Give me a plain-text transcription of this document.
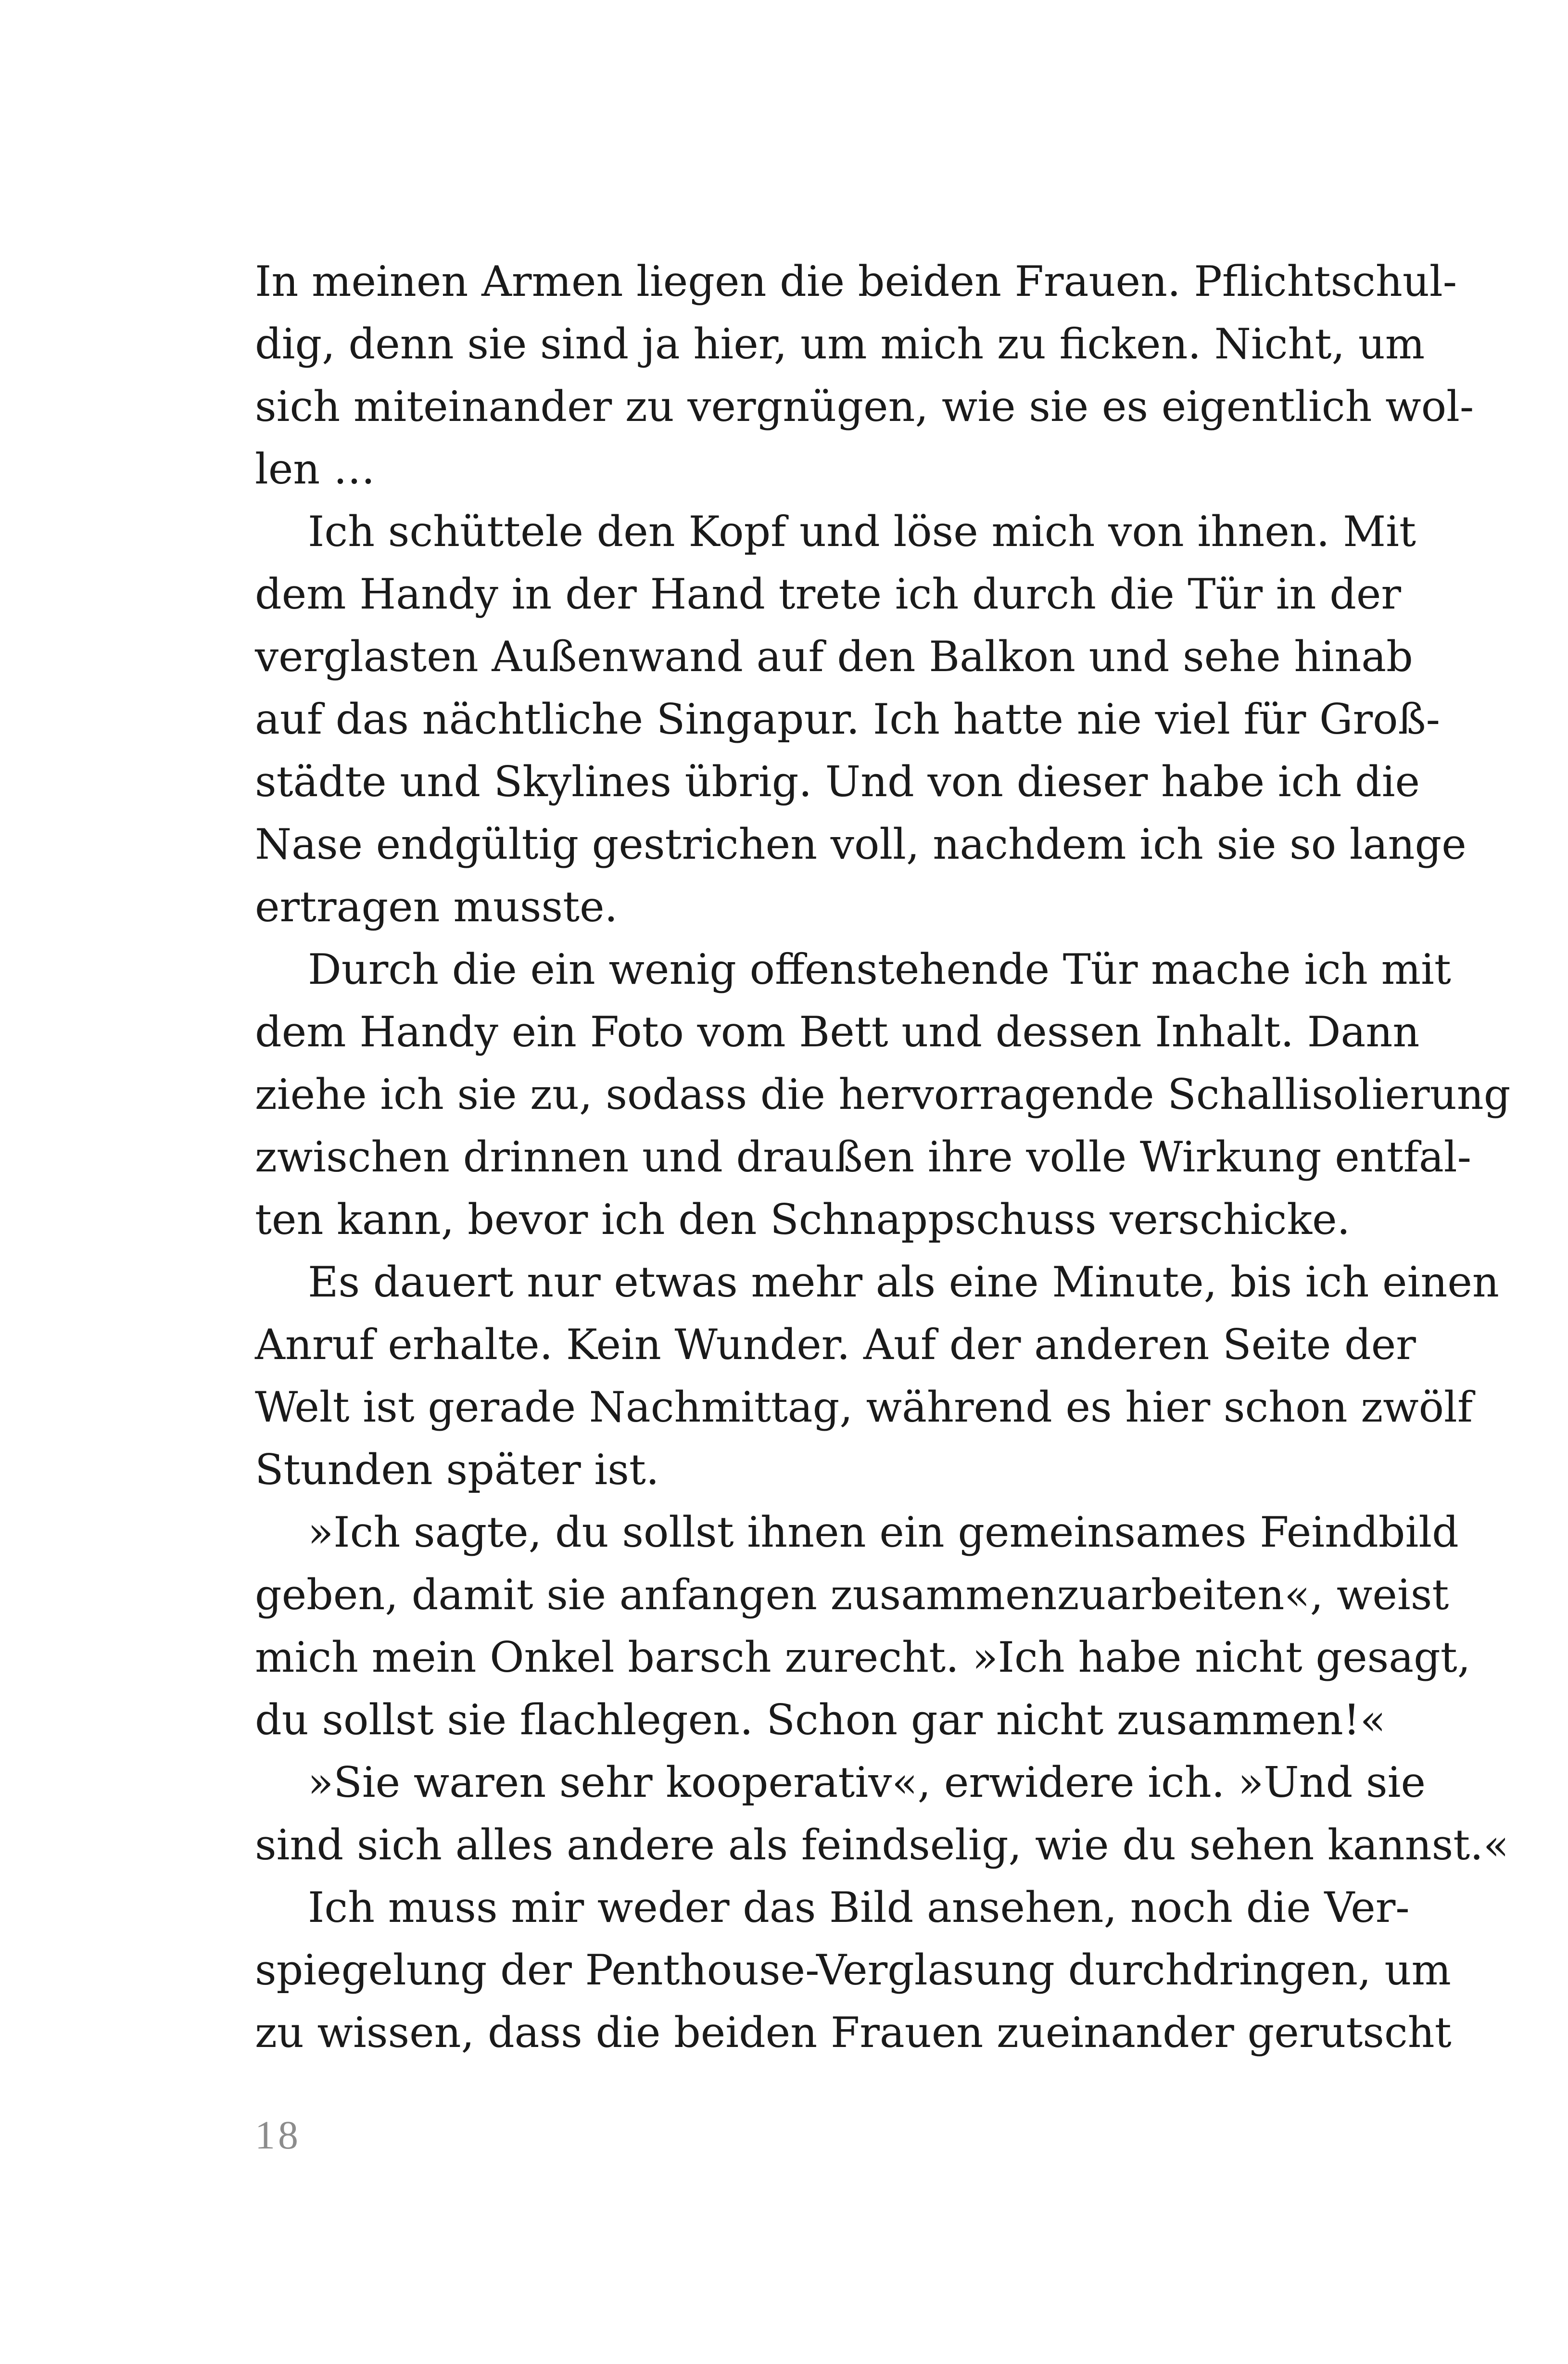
In meinen Armen liegen die beiden Frauen. Pflichtschul-
dig, denn sie sind ja hier, um mich zu ficken. Nicht, um
sich miteinander zu vergnügen, wie sie es eigentlich wol-
len …
Ich schüttele den Kopf und löse mich von ihnen. Mit
dem Handy in der Hand trete ich durch die Tür in der
verglasten Außenwand auf den Balkon und sehe hinab
auf das nächtliche Singapur. Ich hatte nie viel für Groß-
städte und Skylines übrig. Und von dieser habe ich die
Nase endgültig gestrichen voll, nachdem ich sie so lange
ertragen musste.
Durch die ein wenig offenstehende Tür mache ich mit
dem Handy ein Foto vom Bett und dessen Inhalt. Dann
ziehe ich sie zu, sodass die hervorragende Schallisolierung
zwischen drinnen und draußen ihre volle Wirkung entfal-
ten kann, bevor ich den Schnappschuss verschicke.
Es dauert nur etwas mehr als eine Minute, bis ich einen
Anruf erhalte. Kein Wunder. Auf der anderen Seite der
Welt ist gerade Nachmittag, während es hier schon zwölf
Stunden später ist.
»Ich sagte, du sollst ihnen ein gemeinsames Feindbild
geben, damit sie anfangen zusammenzuarbeiten«, weist
mich mein Onkel barsch zurecht. »Ich habe nicht gesagt,
du sollst sie flachlegen. Schon gar nicht zusammen!«
»Sie waren sehr kooperativ«, erwidere ich. »Und sie
sind sich alles andere als feindselig, wie du sehen kannst.«
Ich muss mir weder das Bild ansehen, noch die Ver-
spiegelung der Penthouse-Verglasung durchdringen, um
zu wissen, dass die beiden Frauen zueinander gerutscht
18
